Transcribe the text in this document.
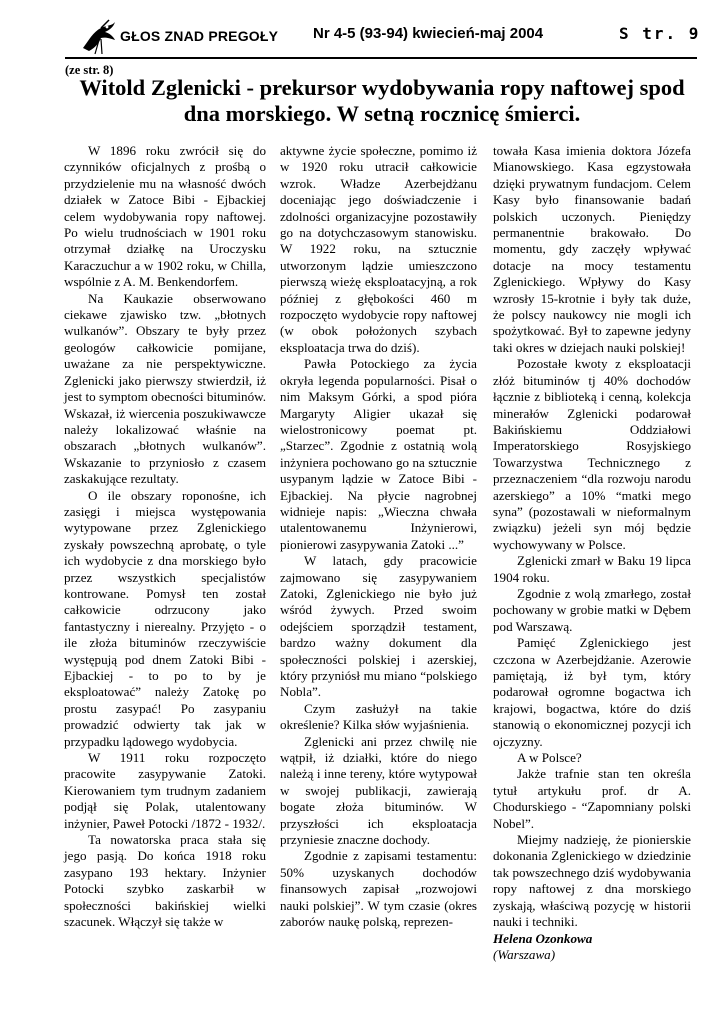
GŁOS ZNAD PREGOŁY Nr 4-5 (93-94) kwiecień-maj 2004	S tr. 9
(ze str. 8)
Witold Zglenicki - prekursor wydobywania ropy naftowej spod dna morskiego. W setną rocznicę śmierci.

W 1896 roku zwrócił się do czynników oficjalnych z prośbą o przydzielenie mu na własność dwóch działek w Zatoce Bibi - Ejbackiej celem wydobywania ropy naftowej. Po wielu trudnościach w 1901 roku otrzymał działkę na Uroczysku Karaczuchur a w 1902 roku, w Chilla, wspólnie z A. M. Benkendorfem.

Na Kaukazie obserwowano ciekawe zjawisko tzw. „błotnych wulkanów”. Obszary te były przez geologów całkowicie pomijane, uważane za nie perspektywiczne. Zglenicki jako pierwszy stwierdził, iż jest to symptom obecności bituminów. Wskazał, iż wiercenia poszukiwawcze należy lokalizować właśnie na obszarach „błotnych wulkanów”. Wskazanie to przyniosło z czasem zaskakujące rezultaty.

O ile obszary roponośne, ich zasięgi i miejsca występowania wytypowane przez Zglenickiego zyskały powszechną aprobatę, o tyle ich wydobycie z dna morskiego było przez wszystkich specjalistów kontrowane. Pomysł ten został całkowicie odrzucony jako fantastyczny i nierealny. Przyjęto - o ile złoża bituminów rzeczywiście występują pod dnem Zatoki Bibi - Ejbackiej - to po to by je eksploatować” należy Zatokę po prostu zasypać! Po zasypaniu prowadzić odwierty tak jak w przypadku lądowego wydobycia.

W 1911 roku rozpoczęto pracowite zasypywanie Zatoki. Kierowaniem tym trudnym zadaniem podjął się Polak, utalentowany inżynier, Paweł Potocki /1872 - 1932/.

Ta nowatorska praca stała się jego pasją. Do końca 1918 roku zasypano 193 hektary. Inżynier Potocki szybko zaskarbił w społeczności bakińskiej wielki szacunek. Włączył się także w

aktywne życie społeczne, pomimo iż w 1920 roku utracił całkowicie wzrok. Władze Azerbejdżanu doceniając jego doświadczenie i zdolności organizacyjne pozostawiły go na dotychczasowym stanowisku. W 1922 roku, na sztucznie utworzonym lądzie umieszczono pierwszą wieżę eksploatacyjną, a rok później z głębokości 460 m rozpoczęto wydobycie ropy naftowej (w obok położonych szybach eksploatacja trwa do dziś).

Pawła Potockiego za życia okryła legenda popularności. Pisał o nim Maksym Górki, a spod pióra Margaryty Aligier ukazał się wielostronicowy poemat pt. „Starzec”. Zgodnie z ostatnią wolą inżyniera pochowano go na sztucznie usypanym lądzie w Zatoce Bibi - Ejbackiej. Na płycie nagrobnej widnieje napis: „Wieczna chwała utalentowanemu Inżynierowi, pionierowi zasypywania Zatoki ...”

W latach, gdy pracowicie zajmowano się zasypywaniem Zatoki, Zglenickiego nie było już wśród żywych. Przed swoim odejściem sporządził testament, bardzo ważny dokument dla społeczności polskiej i azerskiej, który przyniósł mu miano “polskiego Nobla”.

Czym zasłużył na takie określenie? Kilka słów wyjaśnienia.

Zglenicki ani przez chwilę nie wątpił, iż działki, które do niego należą i inne tereny, które wytypował w swojej publikacji, zawierają bogate złoża bituminów. W przyszłości ich eksploatacja przyniesie znaczne dochody.

Zgodnie z zapisami testamentu: 50% uzyskanych dochodów finansowych zapisał „rozwojowi nauki polskiej”. W tym czasie (okres zaborów naukę polską, reprezen-

towała Kasa imienia doktora Józefa Mianowskiego. Kasa egzystowała dzięki prywatnym fundacjom. Celem Kasy było finansowanie badań polskich uczonych. Pieniędzy permanentnie brakowało. Do momentu, gdy zaczęły wpływać dotacje na mocy testamentu Zglenickiego. Wpływy do Kasy wzrosły 15-krotnie i były tak duże, że polscy naukowcy nie mogli ich spożytkować. Był to zapewne jedyny taki okres w dziejach nauki polskiej!

Pozostałe kwoty z eksploatacji złóż bituminów tj 40% dochodów łącznie z biblioteką i cenną, kolekcja minerałów Zglenicki podarował Bakińskiemu Oddziałowi Imperatorskiego Rosyjskiego Towarzystwa Technicznego z przeznaczeniem “dla rozwoju narodu azerskiego” a 10% “matki mego syna” (pozostawali w nieformalnym związku) jeżeli syn mój będzie wychowywany w Polsce.

Zglenicki zmarł w Baku 19 lipca 1904 roku.

Zgodnie z wolą zmarłego, został pochowany w grobie matki w Dębem pod Warszawą.

Pamięć Zglenickiego jest czczona w Azerbejdżanie. Azerowie pamiętają, iż był tym, który podarował ogromne bogactwa ich krajowi, bogactwa, które do dziś stanowią o ekonomicznej pozycji ich ojczyzny.

A w Polsce?

Jakże trafnie stan ten określa tytuł artykułu prof. dr A. Chodurskiego - “Zapomniany polski Nobel”.

Miejmy nadzieję, że pionierskie dokonania Zglenickiego w dziedzinie tak powszechnego dziś wydobywania ropy naftowej z dna morskiego zyskają, właściwą pozycję w historii nauki i techniki.

Helena Ozonkowa

(Warszawa)
